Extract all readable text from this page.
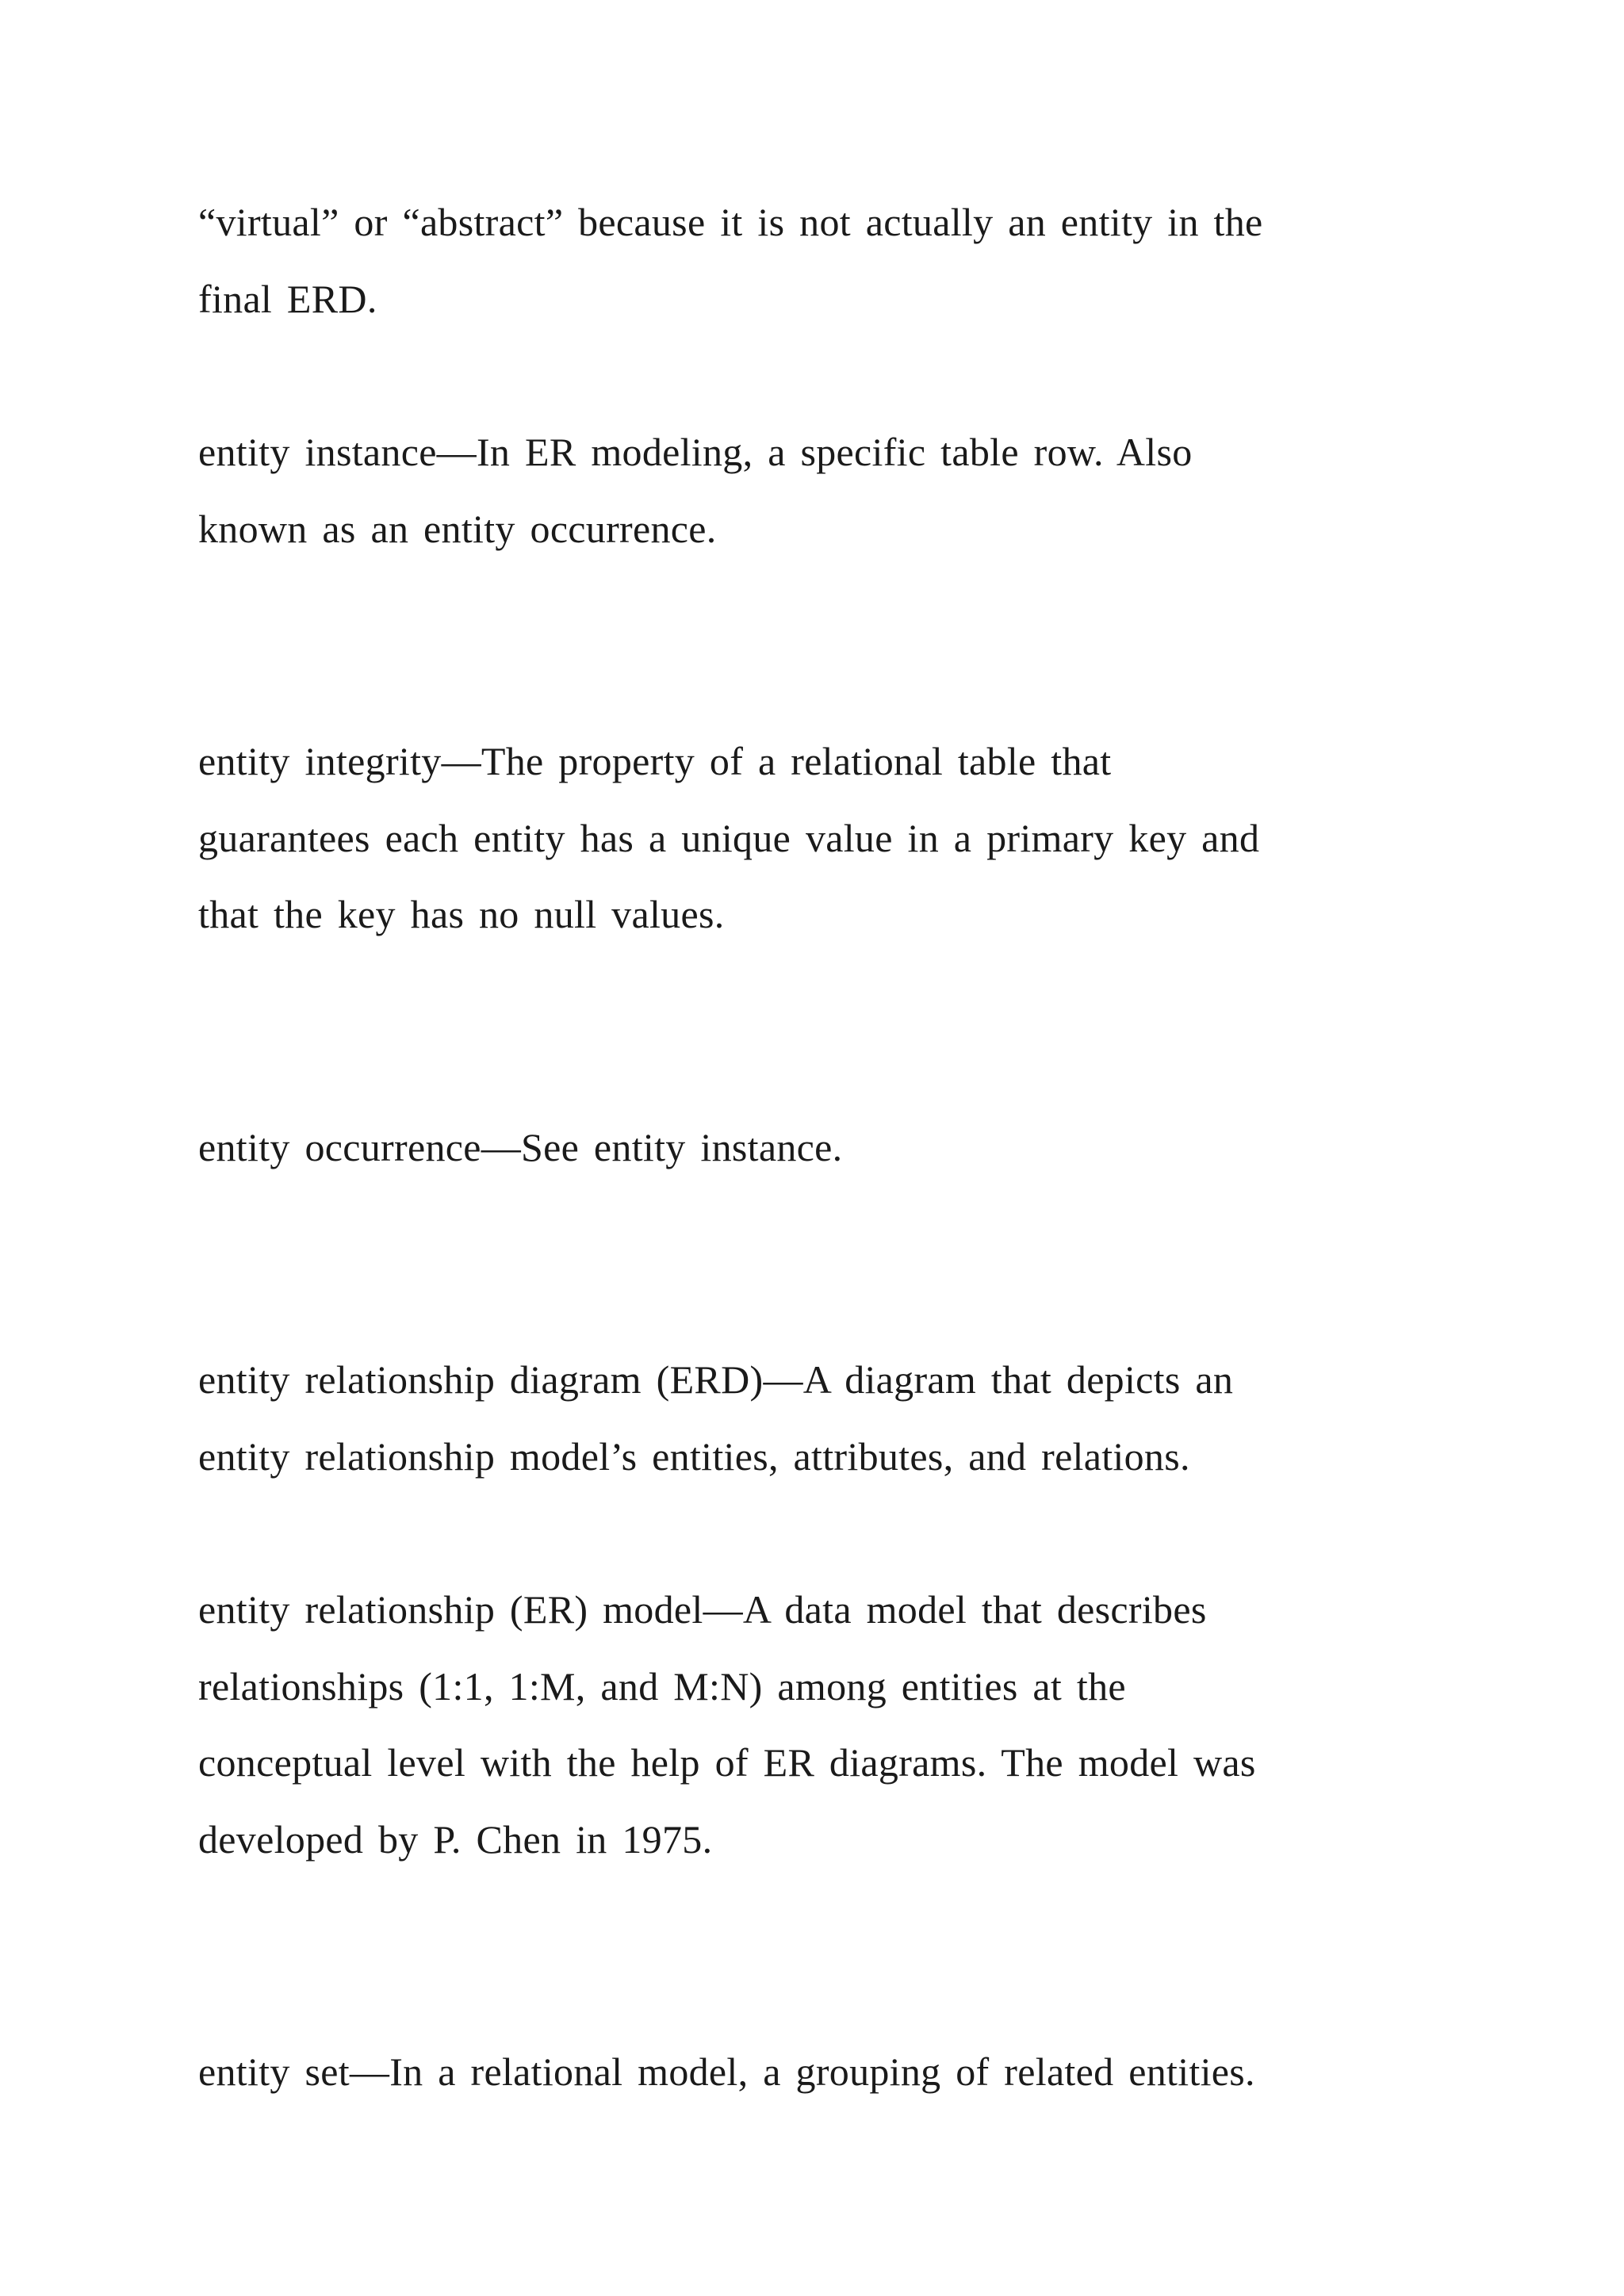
“virtual” or “abstract” because it is not actually an entity in the
final ERD.
entity instance—In ER modeling, a specific table row. Also
known as an entity occurrence.
entity integrity—The property of a relational table that
guarantees each entity has a unique value in a primary key and
that the key has no null values.
entity occurrence—See entity instance.
entity relationship diagram (ERD)—A diagram that depicts an
entity relationship model’s entities, attributes, and relations.
entity relationship (ER) model—A data model that describes
relationships (1:1, 1:M, and M:N) among entities at the
conceptual level with the help of ER diagrams. The model was
developed by P. Chen in 1975.
entity set—In a relational model, a grouping of related entities.
